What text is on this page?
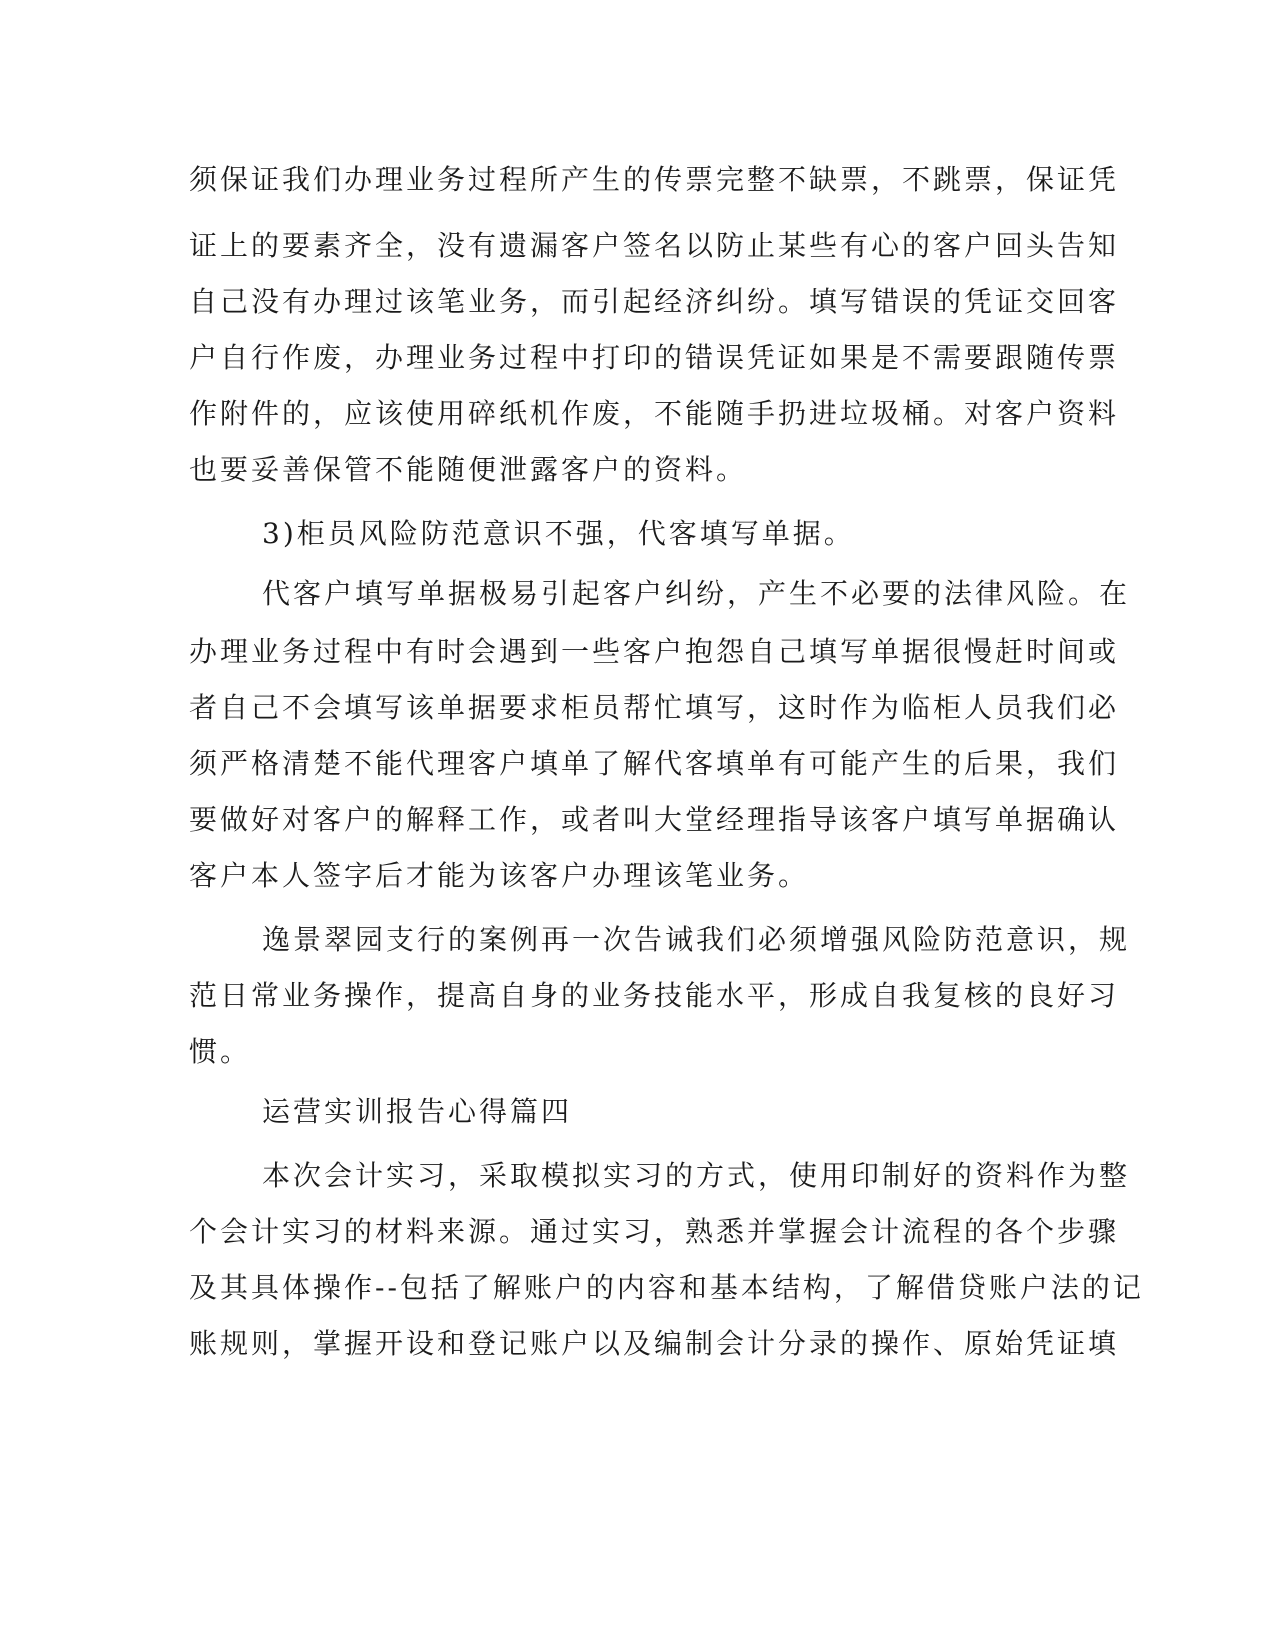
须保证我们办理业务过程所产生的传票完整不缺票，不跳票，保证凭
证上的要素齐全，没有遗漏客户签名以防止某些有心的客户回头告知
自己没有办理过该笔业务，而引起经济纠纷。填写错误的凭证交回客
户自行作废，办理业务过程中打印的错误凭证如果是不需要跟随传票
作附件的，应该使用碎纸机作废，不能随手扔进垃圾桶。对客户资料
也要妥善保管不能随便泄露客户的资料。
3)柜员风险防范意识不强，代客填写单据。
代客户填写单据极易引起客户纠纷，产生不必要的法律风险。在
办理业务过程中有时会遇到一些客户抱怨自己填写单据很慢赶时间或
者自己不会填写该单据要求柜员帮忙填写，这时作为临柜人员我们必
须严格清楚不能代理客户填单了解代客填单有可能产生的后果，我们
要做好对客户的解释工作，或者叫大堂经理指导该客户填写单据确认
客户本人签字后才能为该客户办理该笔业务。
逸景翠园支行的案例再一次告诫我们必须增强风险防范意识，规
范日常业务操作，提高自身的业务技能水平，形成自我复核的良好习
惯。
运营实训报告心得篇四
本次会计实习，采取模拟实习的方式，使用印制好的资料作为整
个会计实习的材料来源。通过实习，熟悉并掌握会计流程的各个步骤
及其具体操作--包括了解账户的内容和基本结构，了解借贷账户法的记
账规则，掌握开设和登记账户以及编制会计分录的操作、原始凭证填
